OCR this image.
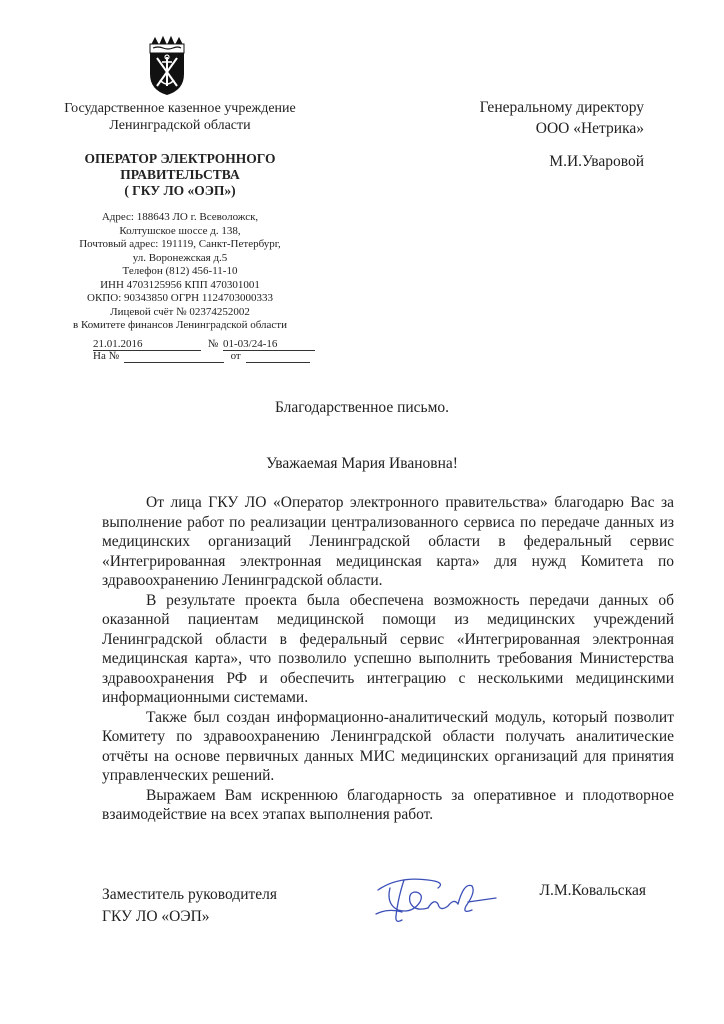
Государственное казенное учреждение
Ленинградской области
ОПЕРАТОР ЭЛЕКТРОННОГО
ПРАВИТЕЛЬСТВА
( ГКУ ЛО «ОЭП»)
Адрес: 188643 ЛО г. Всеволожск,
Колтушское шоссе д. 138,
Почтовый адрес: 191119, Санкт-Петербург,
ул. Воронежская д.5
Телефон (812) 456-11-10
ИНН 4703125956 КПП 470301001
ОКПО: 90343850 ОГРН 1124703000333
Лицевой счёт № 02374252002
в Комитете финансов Ленинградской области
21.01.2016	№ 01-03/24-16
На №	от
Генеральному директору
ООО «Нетрика»
М.И.Уваровой
Благодарственное письмо.
Уважаемая Мария Ивановна!

От лица ГКУ ЛО «Оператор электронного правительства» благодарю Вас за выполнение работ по реализации централизованного сервиса по передаче данных из медицинских организаций Ленинградской области в федеральный сервис «Интегрированная электронная медицинская карта» для нужд Комитета по здравоохранению Ленинградской области.

В результате проекта была обеспечена возможность передачи данных об оказанной пациентам медицинской помощи из медицинских учреждений Ленинградской области в федеральный сервис «Интегрированная электронная медицинская карта», что позволило успешно выполнить требования Министерства здравоохранения РФ и обеспечить интеграцию с несколькими медицинскими информационными системами.

Также был создан информационно-аналитический модуль, который позволит Комитету по здравоохранению Ленинградской области получать аналитические отчёты на основе первичных данных МИС медицинских организаций для принятия управленческих решений.

Выражаем Вам искреннюю благодарность за оперативное и плодотворное взаимодействие на всех этапах выполнения работ.

Заместитель руководителя
ГКУ ЛО «ОЭП»
Л.М.Ковальская
